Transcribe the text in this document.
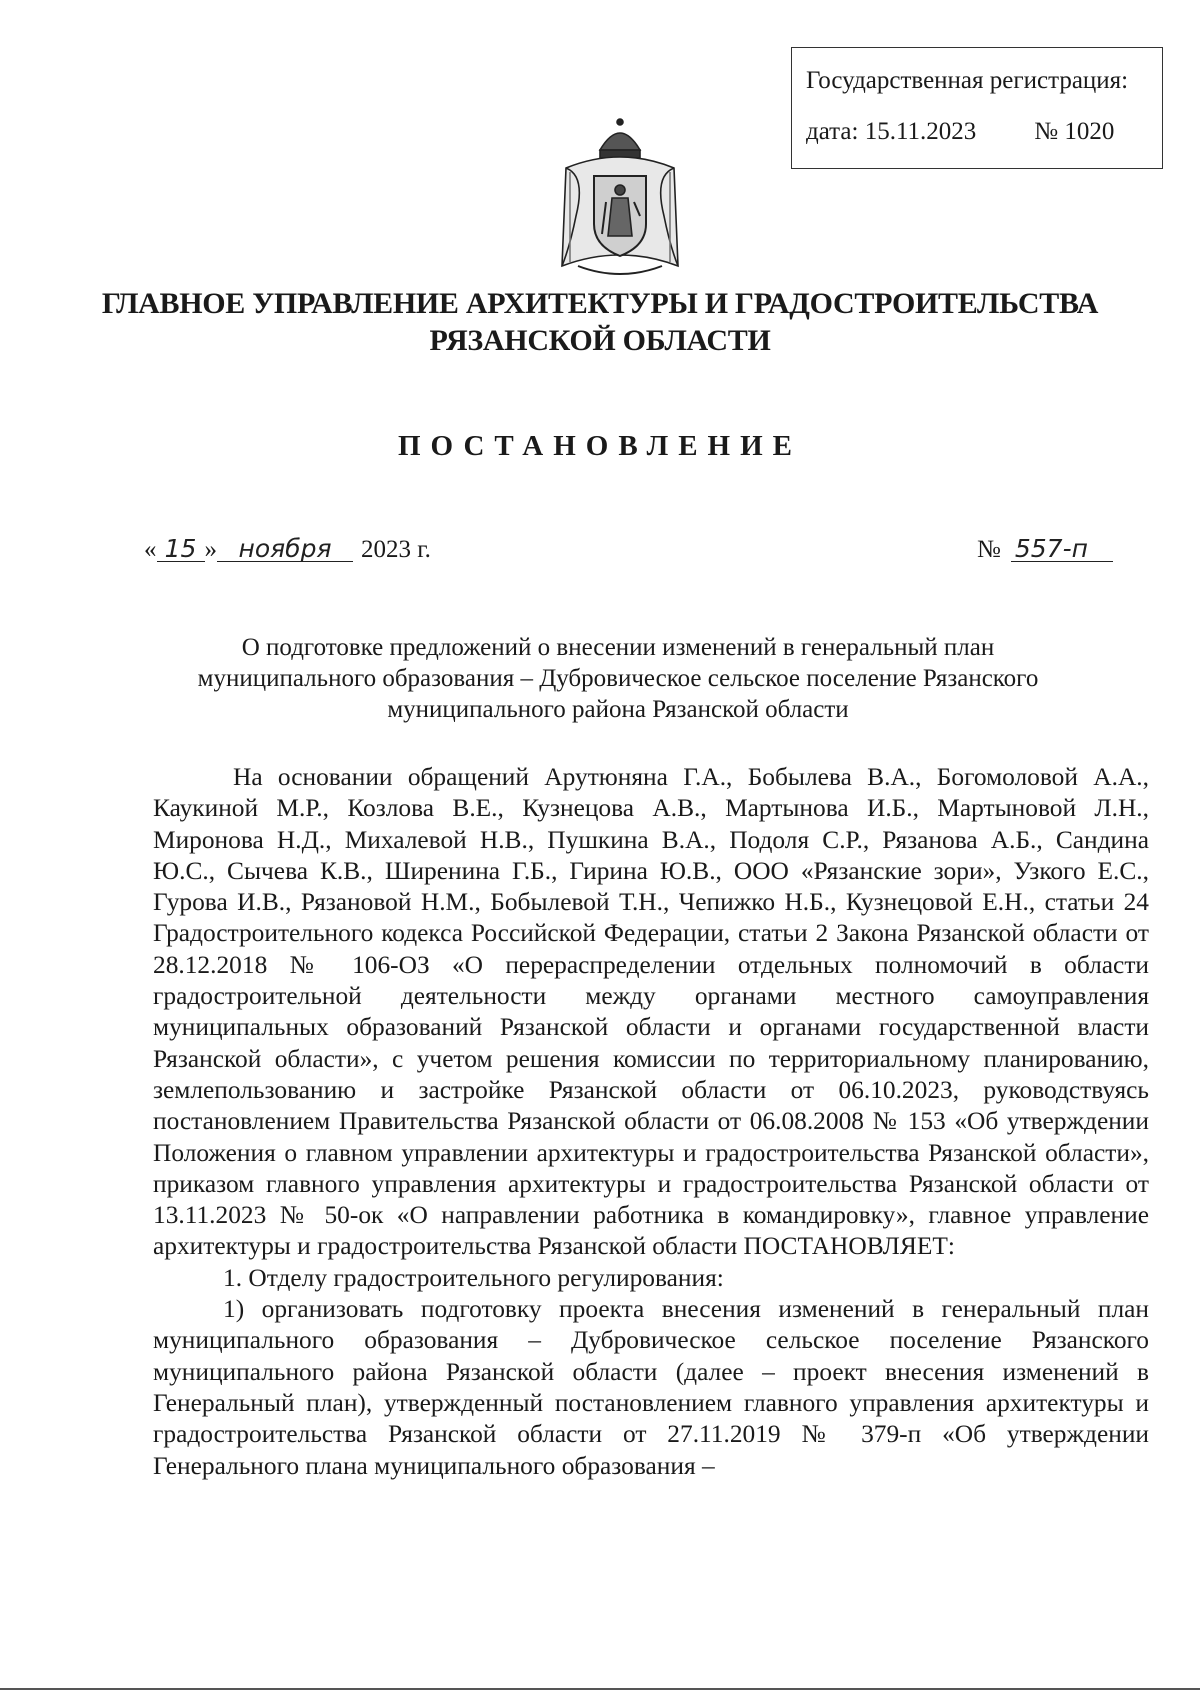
Государственная регистрация:
дата: 15.11.2023 № 1020
ГЛАВНОЕ УПРАВЛЕНИЕ АРХИТЕКТУРЫ И ГРАДОСТРОИТЕЛЬСТВА
РЯЗАНСКОЙ ОБЛАСТИ
ПОСТАНОВЛЕНИЕ
« 15 » ноября	2023 г.	№ 557-п
О подготовке предложений о внесении изменений в генеральный план
муниципального образования – Дубровическое сельское поселение Рязанского
муниципального района Рязанской области

На основании обращений Арутюняна Г.А., Бобылева В.А., Богомоловой А.А., Каукиной М.Р., Козлова В.Е., Кузнецова А.В., Мартынова И.Б., Мартыновой Л.Н., Миронова Н.Д., Михалевой Н.В., Пушкина В.А., Подоля С.Р., Рязанова А.Б., Сандина Ю.С., Сычева К.В., Ширенина Г.Б., Гирина Ю.В., ООО «Рязанские зори», Узкого Е.С., Гурова И.В., Рязановой Н.М., Бобылевой Т.Н., Чепижко Н.Б., Кузнецовой Е.Н., статьи 24 Градостроительного кодекса Российской Федерации, статьи 2 Закона Рязанской области от 28.12.2018 № 106-ОЗ «О перераспределении отдельных полномочий в области градостроительной деятельности между органами местного самоуправления муниципальных образований Рязанской области и органами государственной власти Рязанской области», с учетом решения комиссии по территориальному планированию, землепользованию и застройке Рязанской области от 06.10.2023, руководствуясь постановлением Правительства Рязанской области от 06.08.2008 № 153 «Об утверждении Положения о главном управлении архитектуры и градостроительства Рязанской области», приказом главного управления архитектуры и градостроительства Рязанской области от 13.11.2023 № 50-ок «О направлении работника в командировку», главное управление архитектуры и градостроительства Рязанской области ПОСТАНОВЛЯЕТ:

1. Отделу градостроительного регулирования:

1) организовать подготовку проекта внесения изменений в генеральный план муниципального образования – Дубровическое сельское поселение Рязанского муниципального района Рязанской области (далее – проект внесения изменений в Генеральный план), утвержденный постановлением главного управления архитектуры и градостроительства Рязанской области от 27.11.2019 № 379-п «Об утверждении Генерального плана муниципального образования –
